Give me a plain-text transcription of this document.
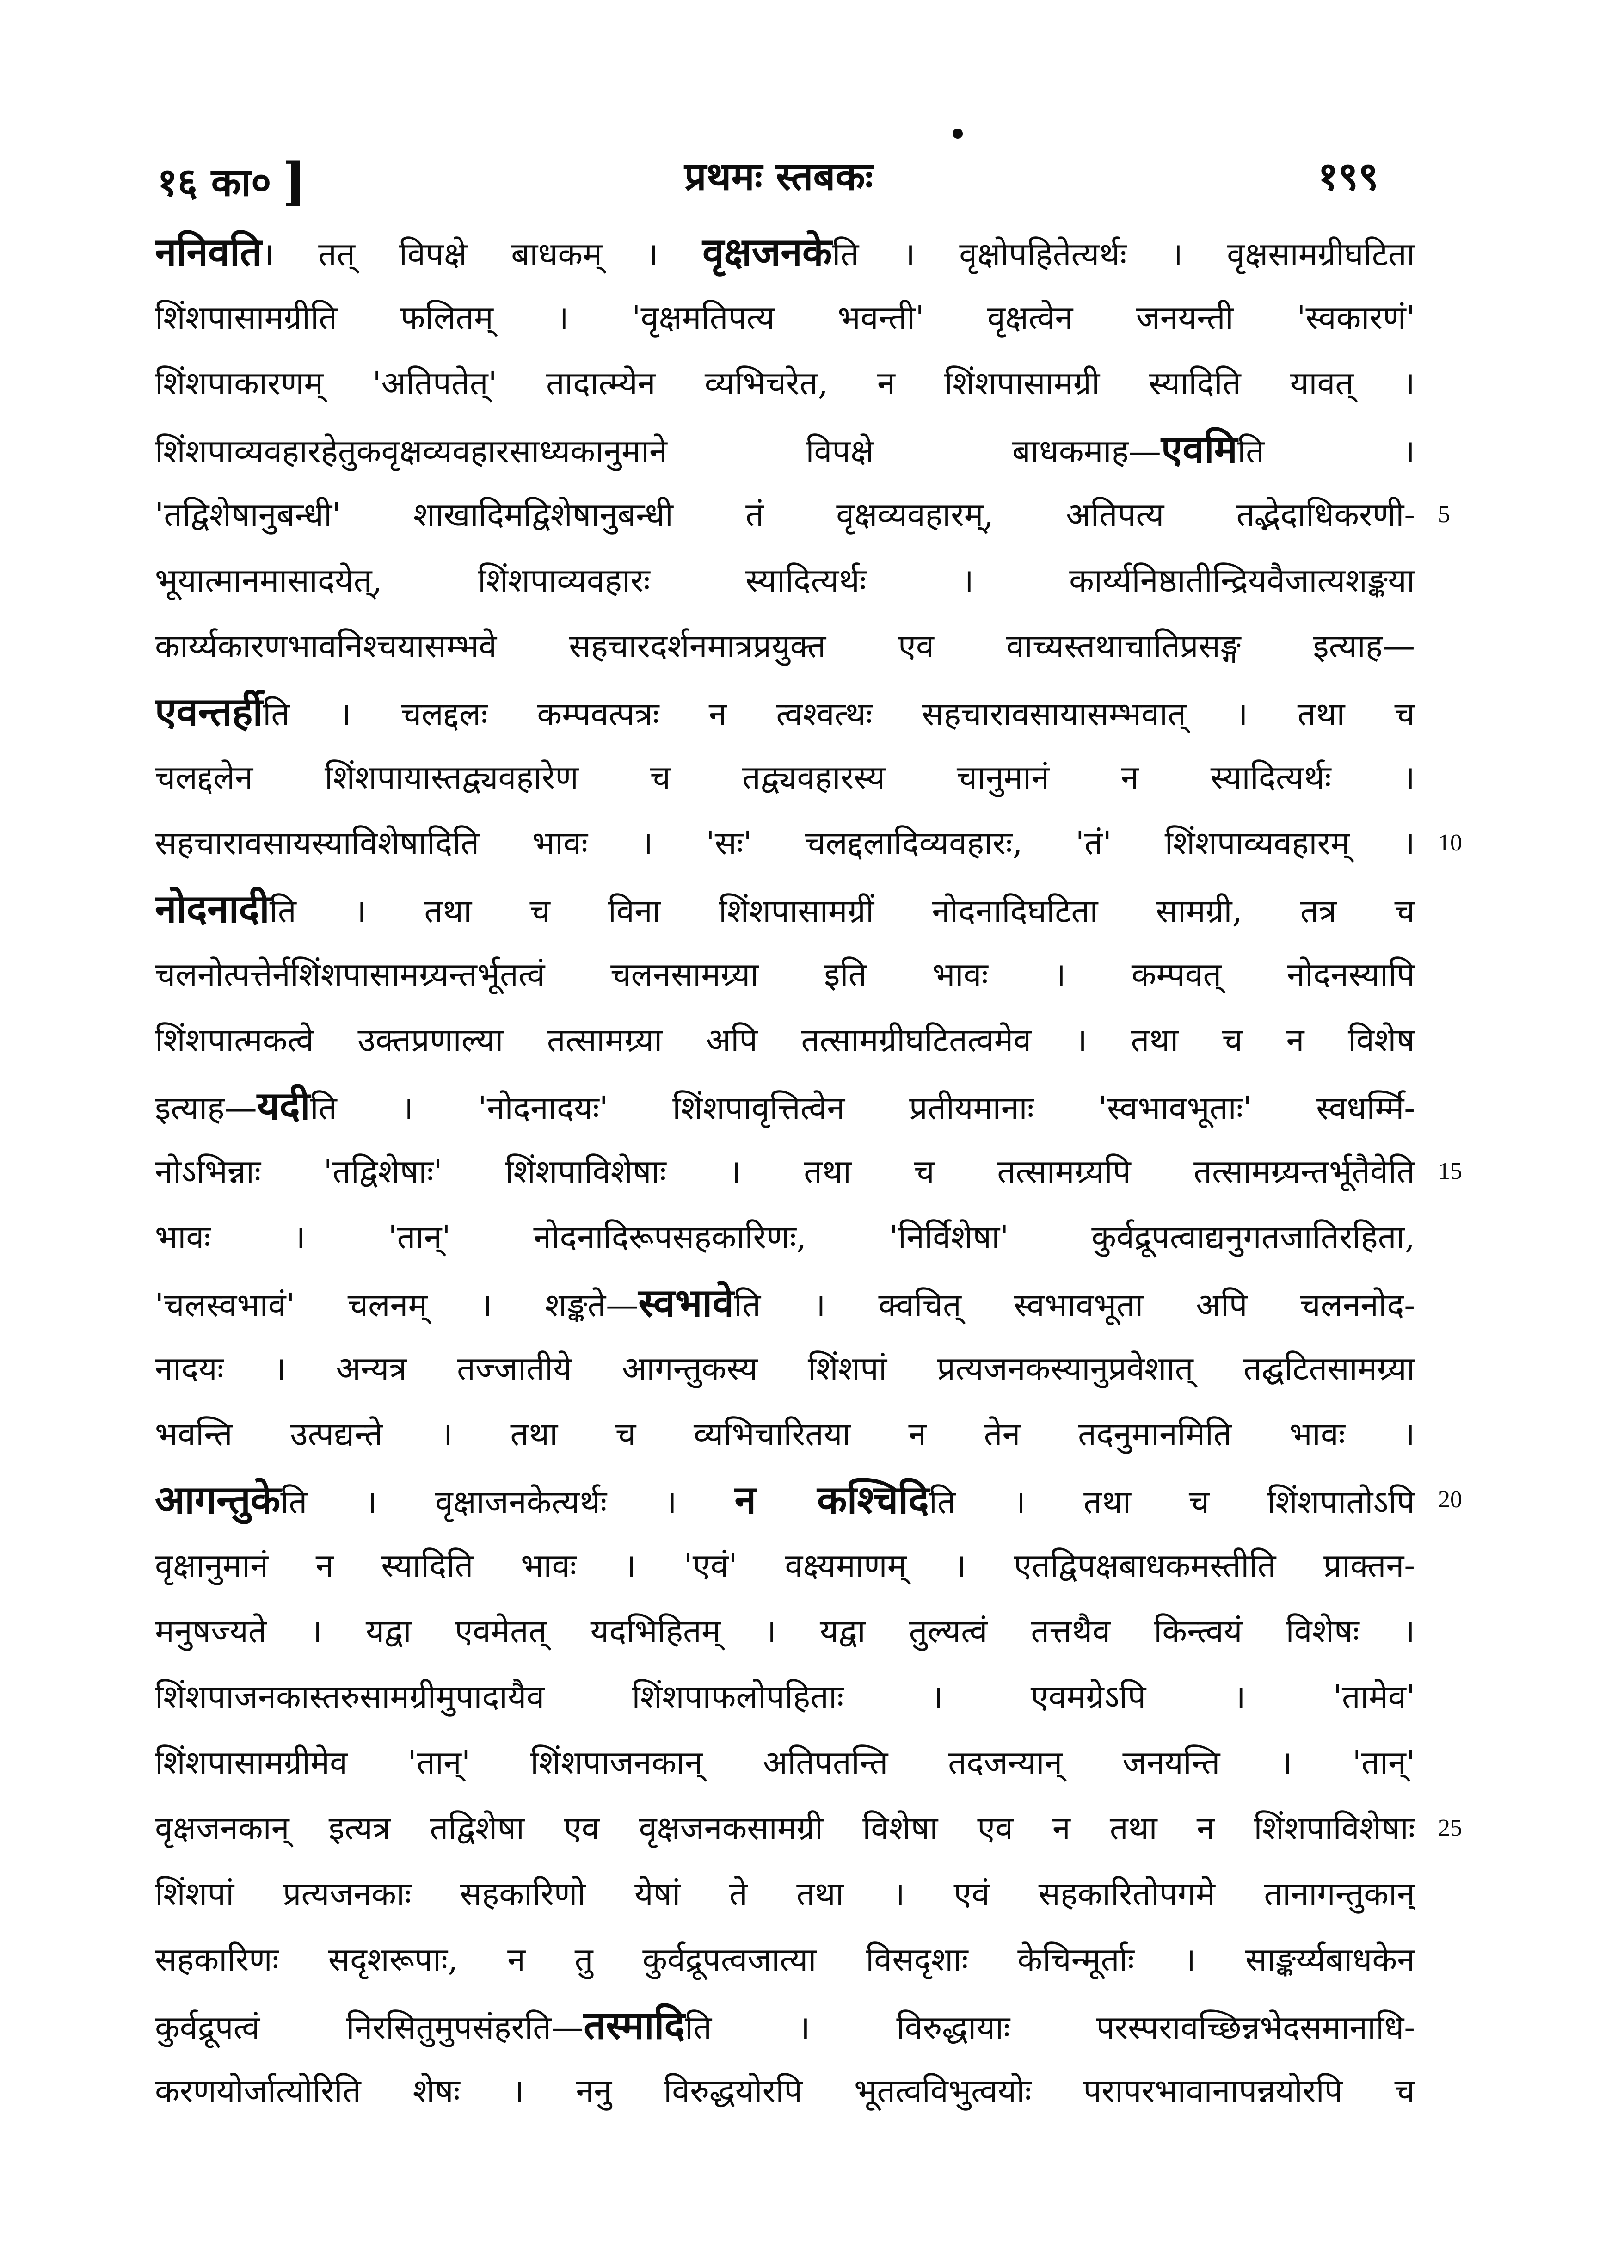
१६ का० ]	प्रथमः स्तबकः	१९९
ननिवति। तत् विपक्षे बाधकम् । वृक्षजनकेति । वृक्षोपहितेत्यर्थः । वृक्षसामग्रीघटिता
शिंशपासामग्रीति फलितम् । 'वृक्षमतिपत्य भवन्ती' वृक्षत्वेन जनयन्ती 'स्वकारणं'
शिंशपाकारणम् 'अतिपतेत्' तादात्म्येन व्यभिचरेत, न शिंशपासामग्री स्यादिति यावत् ।
शिंशपाव्यवहारहेतुकवृक्षव्यवहारसाध्यकानुमाने विपक्षे बाधकमाह—एवमिति ।
'तद्विशेषानुबन्धी' शाखादिमद्विशेषानुबन्धी तं वृक्षव्यवहारम्, अतिपत्य तद्भेदाधिकरणी- 5
भूयात्मानमासादयेत्, शिंशपाव्यवहारः स्यादित्यर्थः । कार्य्यनिष्ठातीन्द्रियवैजात्यशङ्कया
कार्य्यकारणभावनिश्चयासम्भवे सहचारदर्शनमात्रप्रयुक्त एव वाच्यस्तथाचातिप्रसङ्ग इत्याह—
एवन्तर्हीति । चलद्दलः कम्पवत्पत्रः न त्वश्वत्थः सहचारावसायासम्भवात् । तथा च
चलद्दलेन शिंशपायास्तद्व्यवहारेण च तद्व्यवहारस्य चानुमानं न स्यादित्यर्थः ।
सहचारावसायस्याविशेषादिति भावः । 'सः' चलद्दलादिव्यवहारः, 'तं' शिंशपाव्यवहारम् । 10
नोदनादीति । तथा च विना शिंशपासामग्रीं नोदनादिघटिता सामग्री, तत्र च
चलनोत्पत्तेर्नशिंशपासामग्र्यन्तर्भूतत्वं चलनसामग्र्या इति भावः । कम्पवत् नोदनस्यापि
शिंशपात्मकत्वे उक्तप्रणाल्या तत्सामग्र्या अपि तत्सामग्रीघटितत्वमेव । तथा च न विशेष
इत्याह—यदीति । 'नोदनादयः' शिंशपावृत्तित्वेन प्रतीयमानाः 'स्वभावभूताः' स्वधर्म्मि-
नोऽभिन्नाः 'तद्विशेषाः' शिंशपाविशेषाः । तथा च तत्सामग्र्यपि तत्सामग्र्यन्तर्भूतैवेति 15
भावः । 'तान्' नोदनादिरूपसहकारिणः, 'निर्विशेषा' कुर्वद्रूपत्वाद्यनुगतजातिरहिता,
'चलस्वभावं' चलनम् । शङ्कते—स्वभावेति । क्वचित् स्वभावभूता अपि चलननोद-
नादयः । अन्यत्र तज्जातीये आगन्तुकस्य शिंशपां प्रत्यजनकस्यानुप्रवेशात् तद्घटितसामग्र्या
भवन्ति उत्पद्यन्ते । तथा च व्यभिचारितया न तेन तदनुमानमिति भावः ।
आगन्तुकेति । वृक्षाजनकेत्यर्थः । न कश्चिदिति । तथा च शिंशपातोऽपि 20
वृक्षानुमानं न स्यादिति भावः । 'एवं' वक्ष्यमाणम् । एतद्विपक्षबाधकमस्तीति प्राक्तन-
मनुषज्यते । यद्वा एवमेतत् यदभिहितम् । यद्वा तुल्यत्वं तत्तथैव किन्त्वयं विशेषः ।
शिंशपाजनकास्तरुसामग्रीमुपादायैव शिंशपाफलोपहिताः । एवमग्रेऽपि । 'तामेव'
शिंशपासामग्रीमेव 'तान्' शिंशपाजनकान् अतिपतन्ति तदजन्यान् जनयन्ति । 'तान्'
वृक्षजनकान् इत्यत्र तद्विशेषा एव वृक्षजनकसामग्री विशेषा एव न तथा न शिंशपाविशेषाः 25
शिंशपां प्रत्यजनकाः सहकारिणो येषां ते तथा । एवं सहकारितोपगमे तानागन्तुकान्
सहकारिणः सदृशरूपाः, न तु कुर्वद्रूपत्वजात्या विसदृशाः केचिन्मूर्ताः । साङ्कर्य्यबाधकेन
कुर्वद्रूपत्वं निरसितुमुपसंहरति—तस्मादिति । विरुद्धायाः परस्परावच्छिन्नभेदसमानाधि-
करणयोर्जात्योरिति शेषः । ननु विरुद्धयोरपि भूतत्वविभुत्वयोः परापरभावानापन्नयोरपि च
